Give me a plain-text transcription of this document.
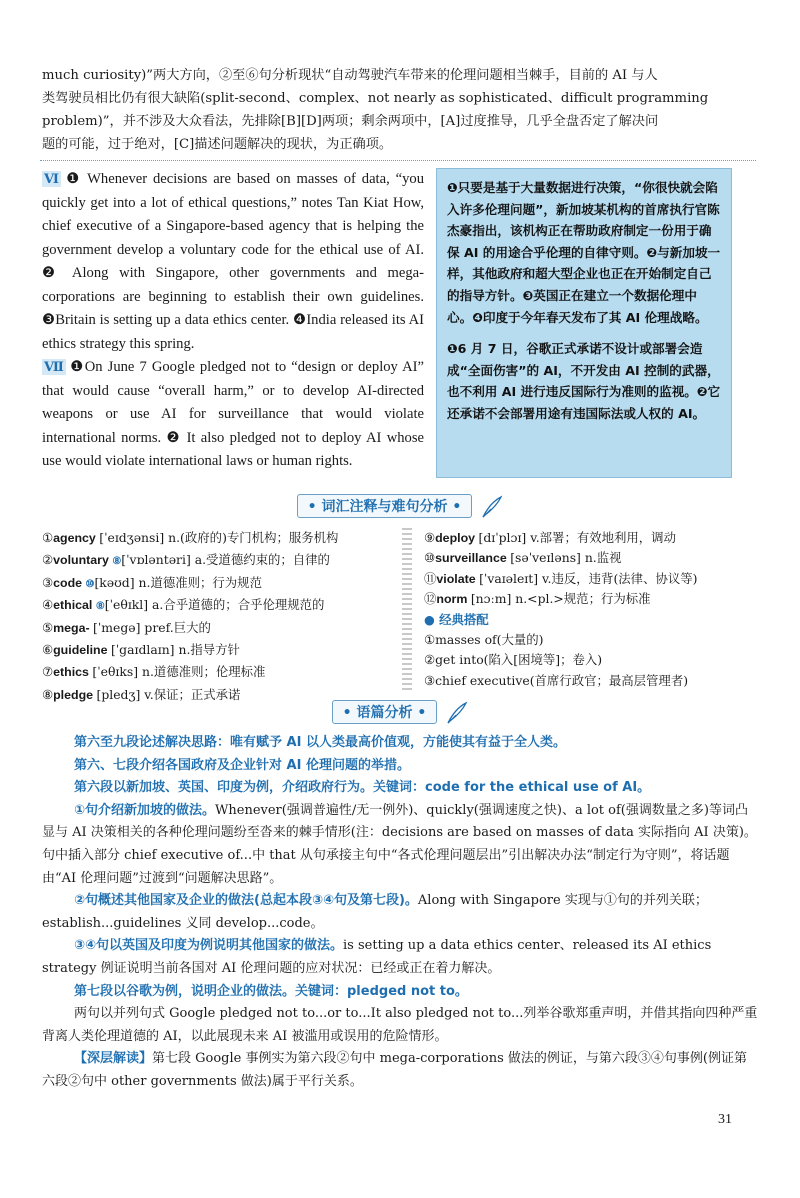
much curiosity)”两大方向，②至⑥句分析现状“自动驾驶汽车带来的伦理问题相当棘手，目前的 AI 与人

类驾驶员相比仍有很大缺陷(split-second、complex、not nearly as sophisticated、difficult programming

problem)”，并不涉及大众看法，先排除[B][D]两项；剩余两项中，[A]过度推导，几乎全盘否定了解决问

题的可能，过于绝对，[C]描述问题解决的现状，为正确项。

Ⅵ ❶ Whenever decisions are based on masses of data, “you quickly get into a lot of ethical questions,” notes Tan Kiat How, chief executive of a Singapore-based agency that is helping the government develop a voluntary code for the ethical use of AI. ❷ Along with Singapore, other governments and mega-corporations are beginning to establish their own guidelines. ❸Britain is setting up a data ethics center. ❹India released its AI ethics strategy this spring.

Ⅶ ❶On June 7 Google pledged not to “design or deploy AI” that would cause “overall harm,” or to develop AI-directed weapons or use AI for surveillance that would violate international norms. ❷ It also pledged not to deploy AI whose use would violate international laws or human rights.

❶只要是基于大量数据进行决策，“你很快就会陷入许多伦理问题”，新加坡某机构的首席执行官陈杰豪指出，该机构正在帮助政府制定一份用于确保 AI 的用途合乎伦理的自律守则。❷与新加坡一样，其他政府和超大型企业也正在开始制定自己的指导方针。❸英国正在建立一个数据伦理中心。❹印度于今年春天发布了其 AI 伦理战略。

❶6 月 7 日，谷歌正式承诺不设计或部署会造成“全面伤害”的 AI，不开发由 AI 控制的武器，也不利用 AI 进行违反国际行为准则的监视。❷它还承诺不会部署用途有违国际法或人权的 AI。

• 词汇注释与难句分析 •
①agency [ˈeɪdʒənsi] n.(政府的)专门机构；服务机构
②voluntary ⑧[ˈvɒləntəri] a.受道德约束的；自律的
③code ⑩[kəʊd] n.道德准则；行为规范
④ethical ⑧[ˈeθɪkl] a.合乎道德的；合乎伦理规范的
⑤mega- [ˈmegə] pref.巨大的
⑥guideline [ˈgaɪdlaɪn] n.指导方针
⑦ethics [ˈeθɪks] n.道德准则；伦理标准
⑧pledge [pledʒ] v.保证；正式承诺
⑨deploy [dɪˈplɔɪ] v.部署；有效地利用，调动
⑩surveillance [səˈveɪləns] n.监视
⑪violate [ˈvaɪəleɪt] v.违反，违背(法律、协议等)
⑫norm [nɔːm] n.<pl.>规范；行为标准
● 经典搭配
①masses of(大量的)
②get into(陷入[困境等]；卷入)
③chief executive(首席行政官；最高层管理者)
• 语篇分析 •

第六至九段论述解决思路：唯有赋予 AI 以人类最高价值观，方能使其有益于全人类。

第六、七段介绍各国政府及企业针对 AI 伦理问题的举措。

第六段以新加坡、英国、印度为例，介绍政府行为。关键词：code for the ethical use of AI。

①句介绍新加坡的做法。Whenever(强调普遍性/无一例外)、quickly(强调速度之快)、a lot of(强调数量之多)等词凸显与 AI 决策相关的各种伦理问题纷至沓来的棘手情形(注：decisions are based on masses of data 实际指向 AI 决策)。句中插入部分 chief executive of...中 that 从句承接主句中“各式伦理问题层出”引出解决办法“制定行为守则”，将话题由“AI 伦理问题”过渡到“问题解决思路”。

②句概述其他国家及企业的做法(总起本段③④句及第七段)。Along with Singapore 实现与①句的并列关联；establish...guidelines 义同 develop...code。

③④句以英国及印度为例说明其他国家的做法。is setting up a data ethics center、released its AI ethics strategy 例证说明当前各国对 AI 伦理问题的应对状况：已经或正在着力解决。

第七段以谷歌为例，说明企业的做法。关键词：pledged not to。

两句以并列句式 Google pledged not to...or to...It also pledged not to...列举谷歌郑重声明，并借其指向四种严重背离人类伦理道德的 AI，以此展现未来 AI 被滥用或误用的危险情形。

【深层解读】第七段 Google 事例实为第六段②句中 mega-corporations 做法的例证，与第六段③④句事例(例证第六段②句中 other governments 做法)属于平行关系。

31
